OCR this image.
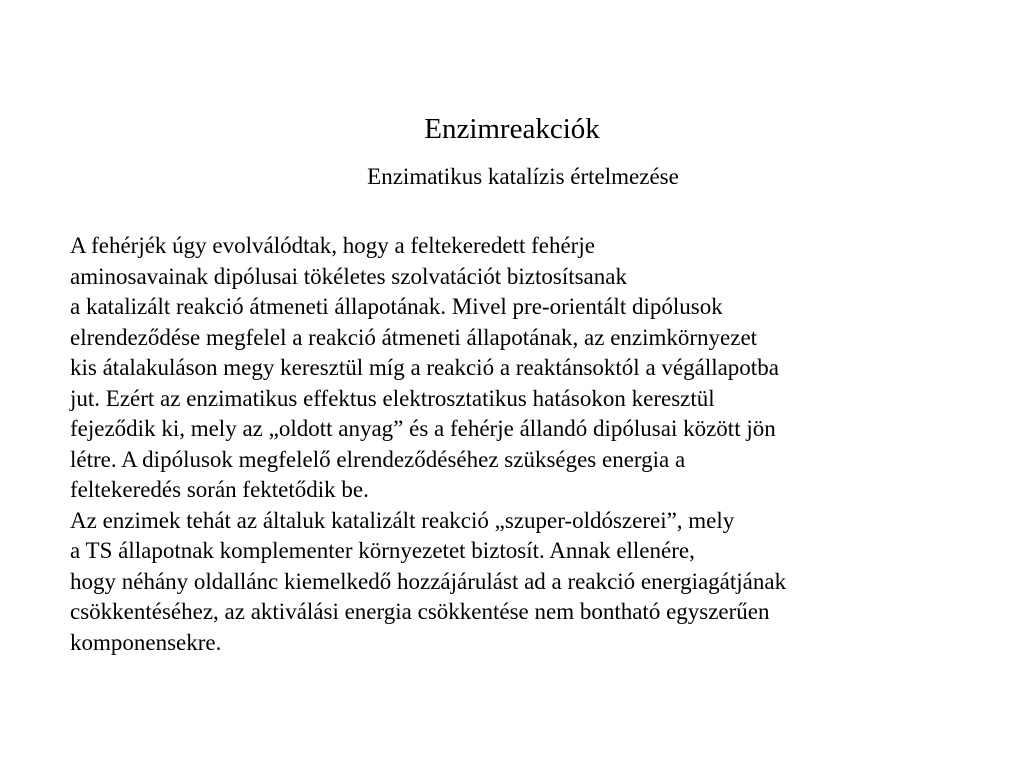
Enzimreakciók
Enzimatikus katalízis értelmezése
A fehérjék úgy evolválódtak, hogy a feltekeredett fehérje
aminosavainak dipólusai tökéletes szolvatációt biztosítsanak
a katalizált reakció átmeneti állapotának. Mivel pre-orientált dipólusok
elrendeződése megfelel a reakció átmeneti állapotának, az enzimkörnyezet
kis átalakuláson megy keresztül míg a reakció a reaktánsoktól a végállapotba
jut. Ezért az enzimatikus effektus elektrosztatikus hatásokon keresztül
fejeződik ki, mely az „oldott anyag” és a fehérje állandó dipólusai között jön
létre. A dipólusok megfelelő elrendeződéséhez szükséges energia a
feltekeredés során fektetődik be.
Az enzimek tehát az általuk katalizált reakció „szuper-oldószerei”, mely
a TS állapotnak komplementer környezetet biztosít. Annak ellenére,
hogy néhány oldallánc kiemelkedő hozzájárulást ad a reakció energiagátjának
csökkentéséhez, az aktiválási energia csökkentése nem bontható egyszerűen
komponensekre.
